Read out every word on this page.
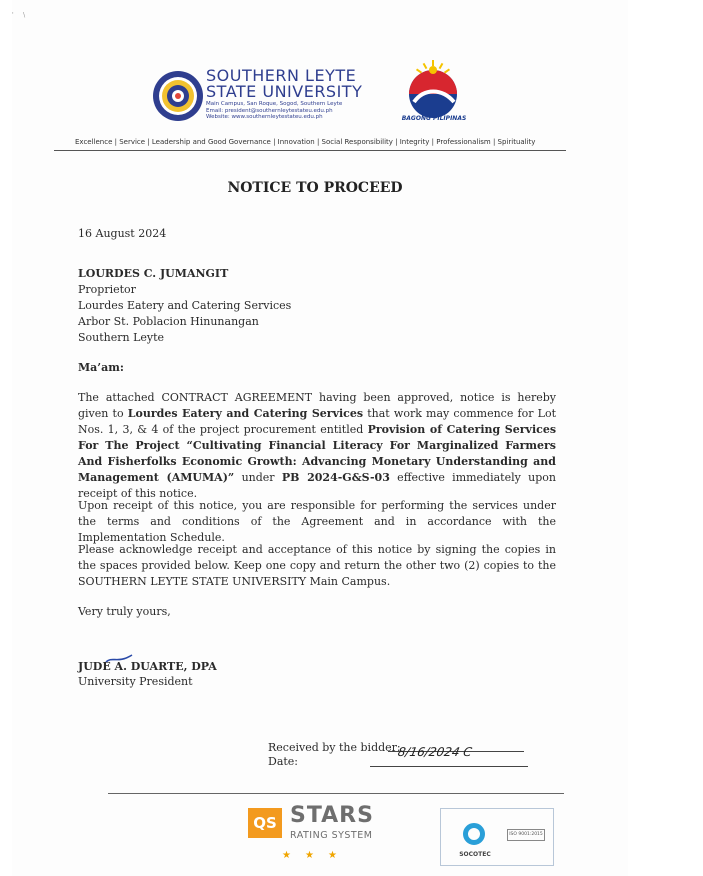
'     \
SOUTHERN LEYTE
STATE UNIVERSITY
Main Campus, San Roque, Sogod, Southern Leyte
Email: president@southernleytestateu.edu.ph
Website: www.southernleytestateu.edu.ph	BAGONG PILIPINAS
Excellence | Service | Leadership and Good Governance | Innovation | Social Responsibility | Integrity | Professionalism | Spirituality
NOTICE TO PROCEED
16 August 2024
LOURDES C. JUMANGIT
Proprietor
Lourdes Eatery and Catering Services
Arbor St. Poblacion Hinunangan
Southern Leyte
Ma’am:
The attached CONTRACT AGREEMENT having been approved, notice is hereby given to Lourdes Eatery and Catering Services that work may commence for Lot Nos. 1, 3, & 4 of the project procurement entitled Provision of Catering Services For The Project “Cultivating Financial Literacy For Marginalized Farmers And Fisherfolks Economic Growth: Advancing Monetary Understanding and Management (AMUMA)” under PB 2024-G&S-03 effective immediately upon receipt of this notice.
Upon receipt of this notice, you are responsible for performing the services under the terms and conditions of the Agreement and in accordance with the Implementation Schedule.
Please acknowledge receipt and acceptance of this notice by signing the copies in the spaces provided below. Keep one copy and return the other two (2) copies to the SOUTHERN LEYTE STATE UNIVERSITY Main Campus.
Very truly yours,
JUDE A. DUARTE, DPA
University President
Received by the bidder:
Date:
8/16/2024 C
QS STARS
RATING SYSTEM
★★★
ISO 9001:2015
SOCOTEC
